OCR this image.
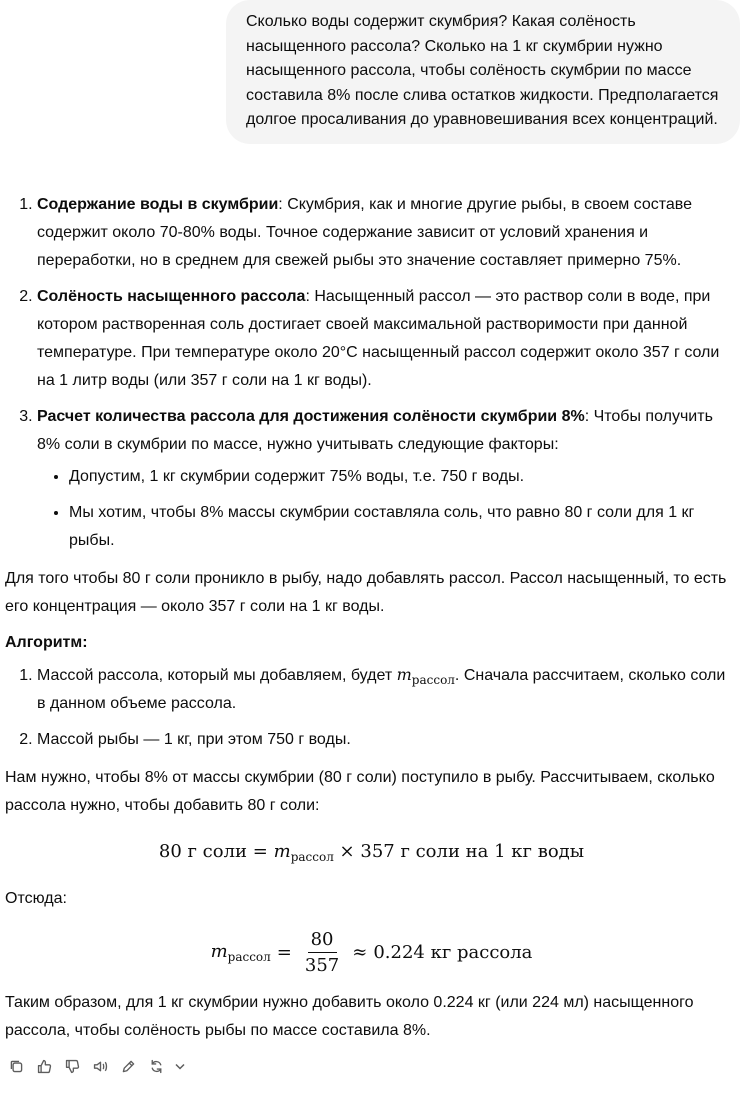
Сколько воды содержит скумбрия? Какая солёность насыщенного рассола? Сколько на 1 кг скумбрии нужно насыщенного рассола, чтобы солёность скумбрии по массе составила 8% после слива остатков жидкости. Предполагается долгое просаливания до уравновешивания всех концентраций.
1. Содержание воды в скумбрии: Скумбрия, как и многие другие рыбы, в своем составе содержит около 70-80% воды. Точное содержание зависит от условий хранения и переработки, но в среднем для свежей рыбы это значение составляет примерно 75%.
2. Солёность насыщенного рассола: Насыщенный рассол — это раствор соли в воде, при котором растворенная соль достигает своей максимальной растворимости при данной температуре. При температуре около 20°C насыщенный рассол содержит около 357 г соли на 1 литр воды (или 357 г соли на 1 кг воды).
3. Расчет количества рассола для достижения солёности скумбрии 8%: Чтобы получить 8% соли в скумбрии по массе, нужно учитывать следующие факторы:
• Допустим, 1 кг скумбрии содержит 75% воды, т.е. 750 г воды.
• Мы хотим, чтобы 8% массы скумбрии составляла соль, что равно 80 г соли для 1 кг рыбы.

Для того чтобы 80 г соли проникло в рыбу, надо добавлять рассол. Рассол насыщенный, то есть его концентрация — около 357 г соли на 1 кг воды.

Алгоритм:

1. Массой рассола, который мы добавляем, будет $m_{рассол}$. Сначала рассчитаем, сколько соли в данном объеме рассола.
2. Массой рыбы — 1 кг, при этом 750 г воды.

Нам нужно, чтобы 8% от массы скумбрии (80 г соли) поступило в рыбу. Рассчитываем, сколько рассола нужно, чтобы добавить 80 г соли:

80 г соли = $m_{рассол} \times 357$ г соли на 1 кг воды

Отсюда:

$m_{рассол} = \frac{80}{357} \approx 0.224$ кг рассола

Таким образом, для 1 кг скумбрии нужно добавить около 0.224 кг (или 224 мл) насыщенного рассола, чтобы солёность рыбы по массе составила 8%.
